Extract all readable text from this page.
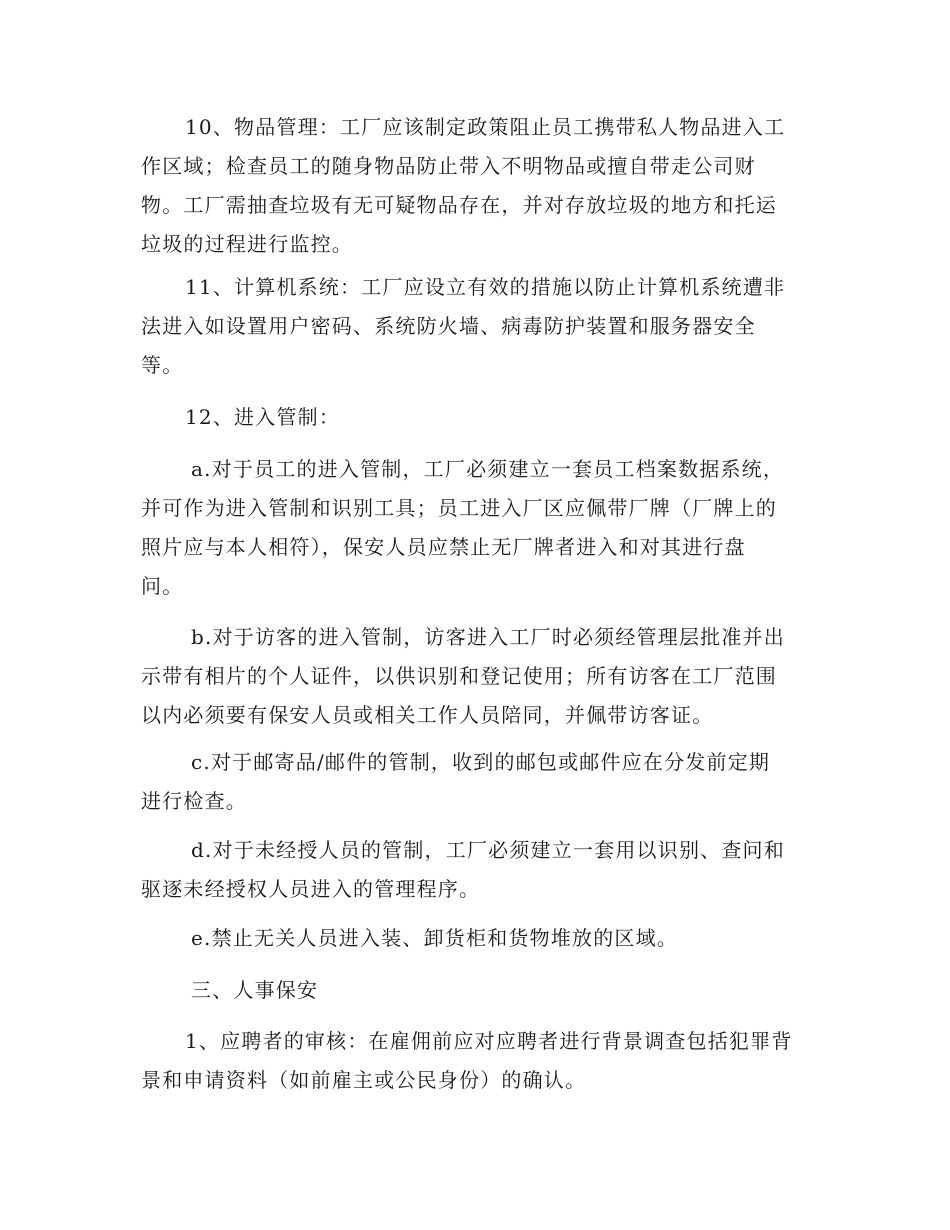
10、物品管理：工厂应该制定政策阻止员工携带私人物品进入工
作区域；检查员工的随身物品防止带入不明物品或擅自带走公司财
物。工厂需抽查垃圾有无可疑物品存在，并对存放垃圾的地方和托运
垃圾的过程进行监控。
11、计算机系统：工厂应设立有效的措施以防止计算机系统遭非
法进入如设置用户密码、系统防火墙、病毒防护装置和服务器安全
等。
12、进入管制：
a.对于员工的进入管制，工厂必须建立一套员工档案数据系统，
并可作为进入管制和识别工具；员工进入厂区应佩带厂牌（厂牌上的
照片应与本人相符），保安人员应禁止无厂牌者进入和对其进行盘
问。
b.对于访客的进入管制，访客进入工厂时必须经管理层批准并出
示带有相片的个人证件，以供识别和登记使用；所有访客在工厂范围
以内必须要有保安人员或相关工作人员陪同，并佩带访客证。
c.对于邮寄品/邮件的管制，收到的邮包或邮件应在分发前定期
进行检查。
d.对于未经授人员的管制，工厂必须建立一套用以识别、查问和
驱逐未经授权人员进入的管理程序。
e.禁止无关人员进入装、卸货柜和货物堆放的区域。
三、人事保安
1、应聘者的审核：在雇佣前应对应聘者进行背景调查包括犯罪背
景和申请资料（如前雇主或公民身份）的确认。
